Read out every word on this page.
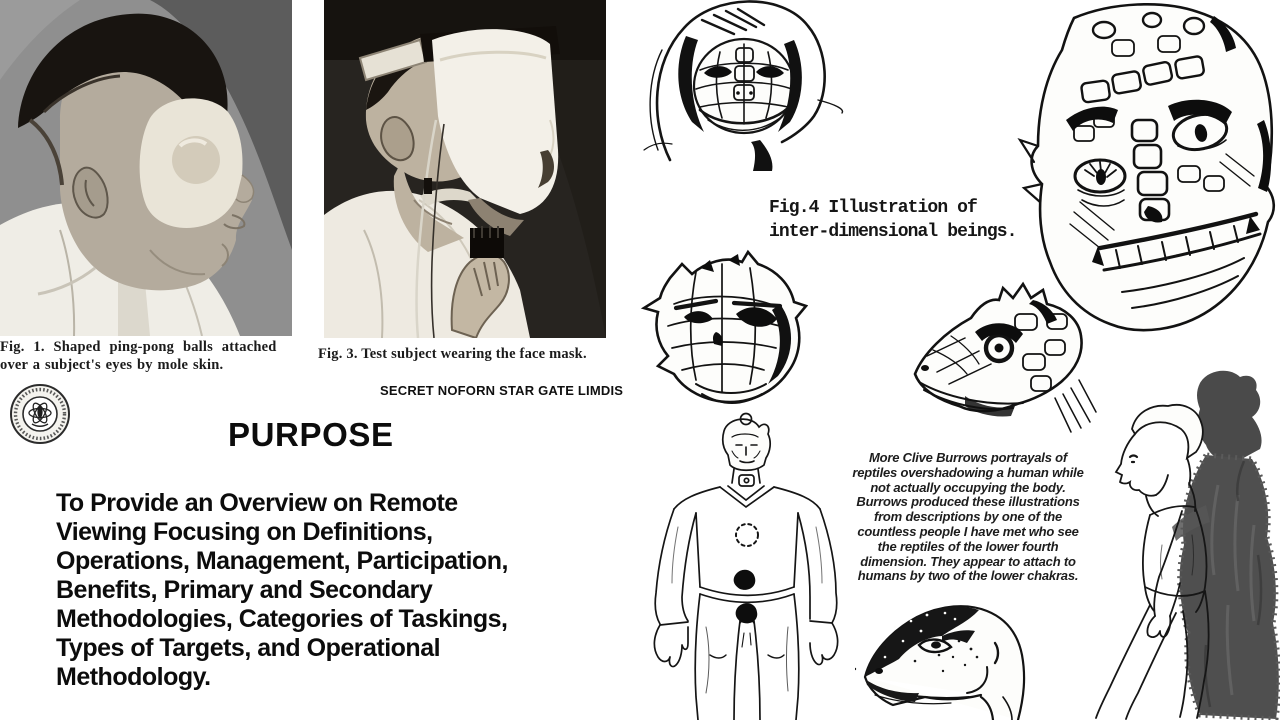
Fig. 1. Shaped ping-pong balls attached
over a subject's eyes by mole skin.
Fig. 3. Test subject wearing the face mask.
SECRET NOFORN STAR GATE LIMDIS
PURPOSE
To Provide an Overview on Remote
Viewing Focusing on Definitions,
Operations, Management, Participation,
Benefits, Primary and Secondary
Methodologies, Categories of Taskings,
Types of Targets, and Operational
Methodology.
Fig.4 Illustration of
inter-dimensional beings.
More Clive Burrows portrayals of
reptiles overshadowing a human while
not actually occupying the body.
Burrows produced these illustrations
from descriptions by one of the
countless people I have met who see
the reptiles of the lower fourth
dimension. They appear to attach to
humans by two of the lower chakras.
